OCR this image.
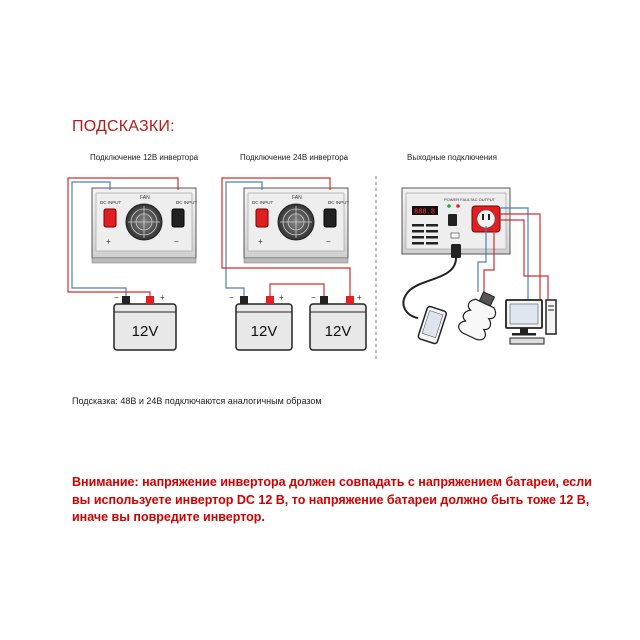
ПОДСКАЗКИ:
Подключение 12В инвертора	Подключение 24В инвертора	Выходные подключения
DC INPUT	DC INPUT
FAN
+	−
−	+
12V
DC INPUT	DC INPUT
FAN
+	−
−	+
12V
−	+
12V
888.8
POWER FAULT AC OUTPUT
Подсказка: 48В и 24В подключаются аналогичным образом
Внимание: напряжение инвертора должен совпадать с напряжением батареи, если вы используете инвертор DC 12 В, то напряжение батареи должно быть тоже 12 В, иначе вы повредите инвертор.
